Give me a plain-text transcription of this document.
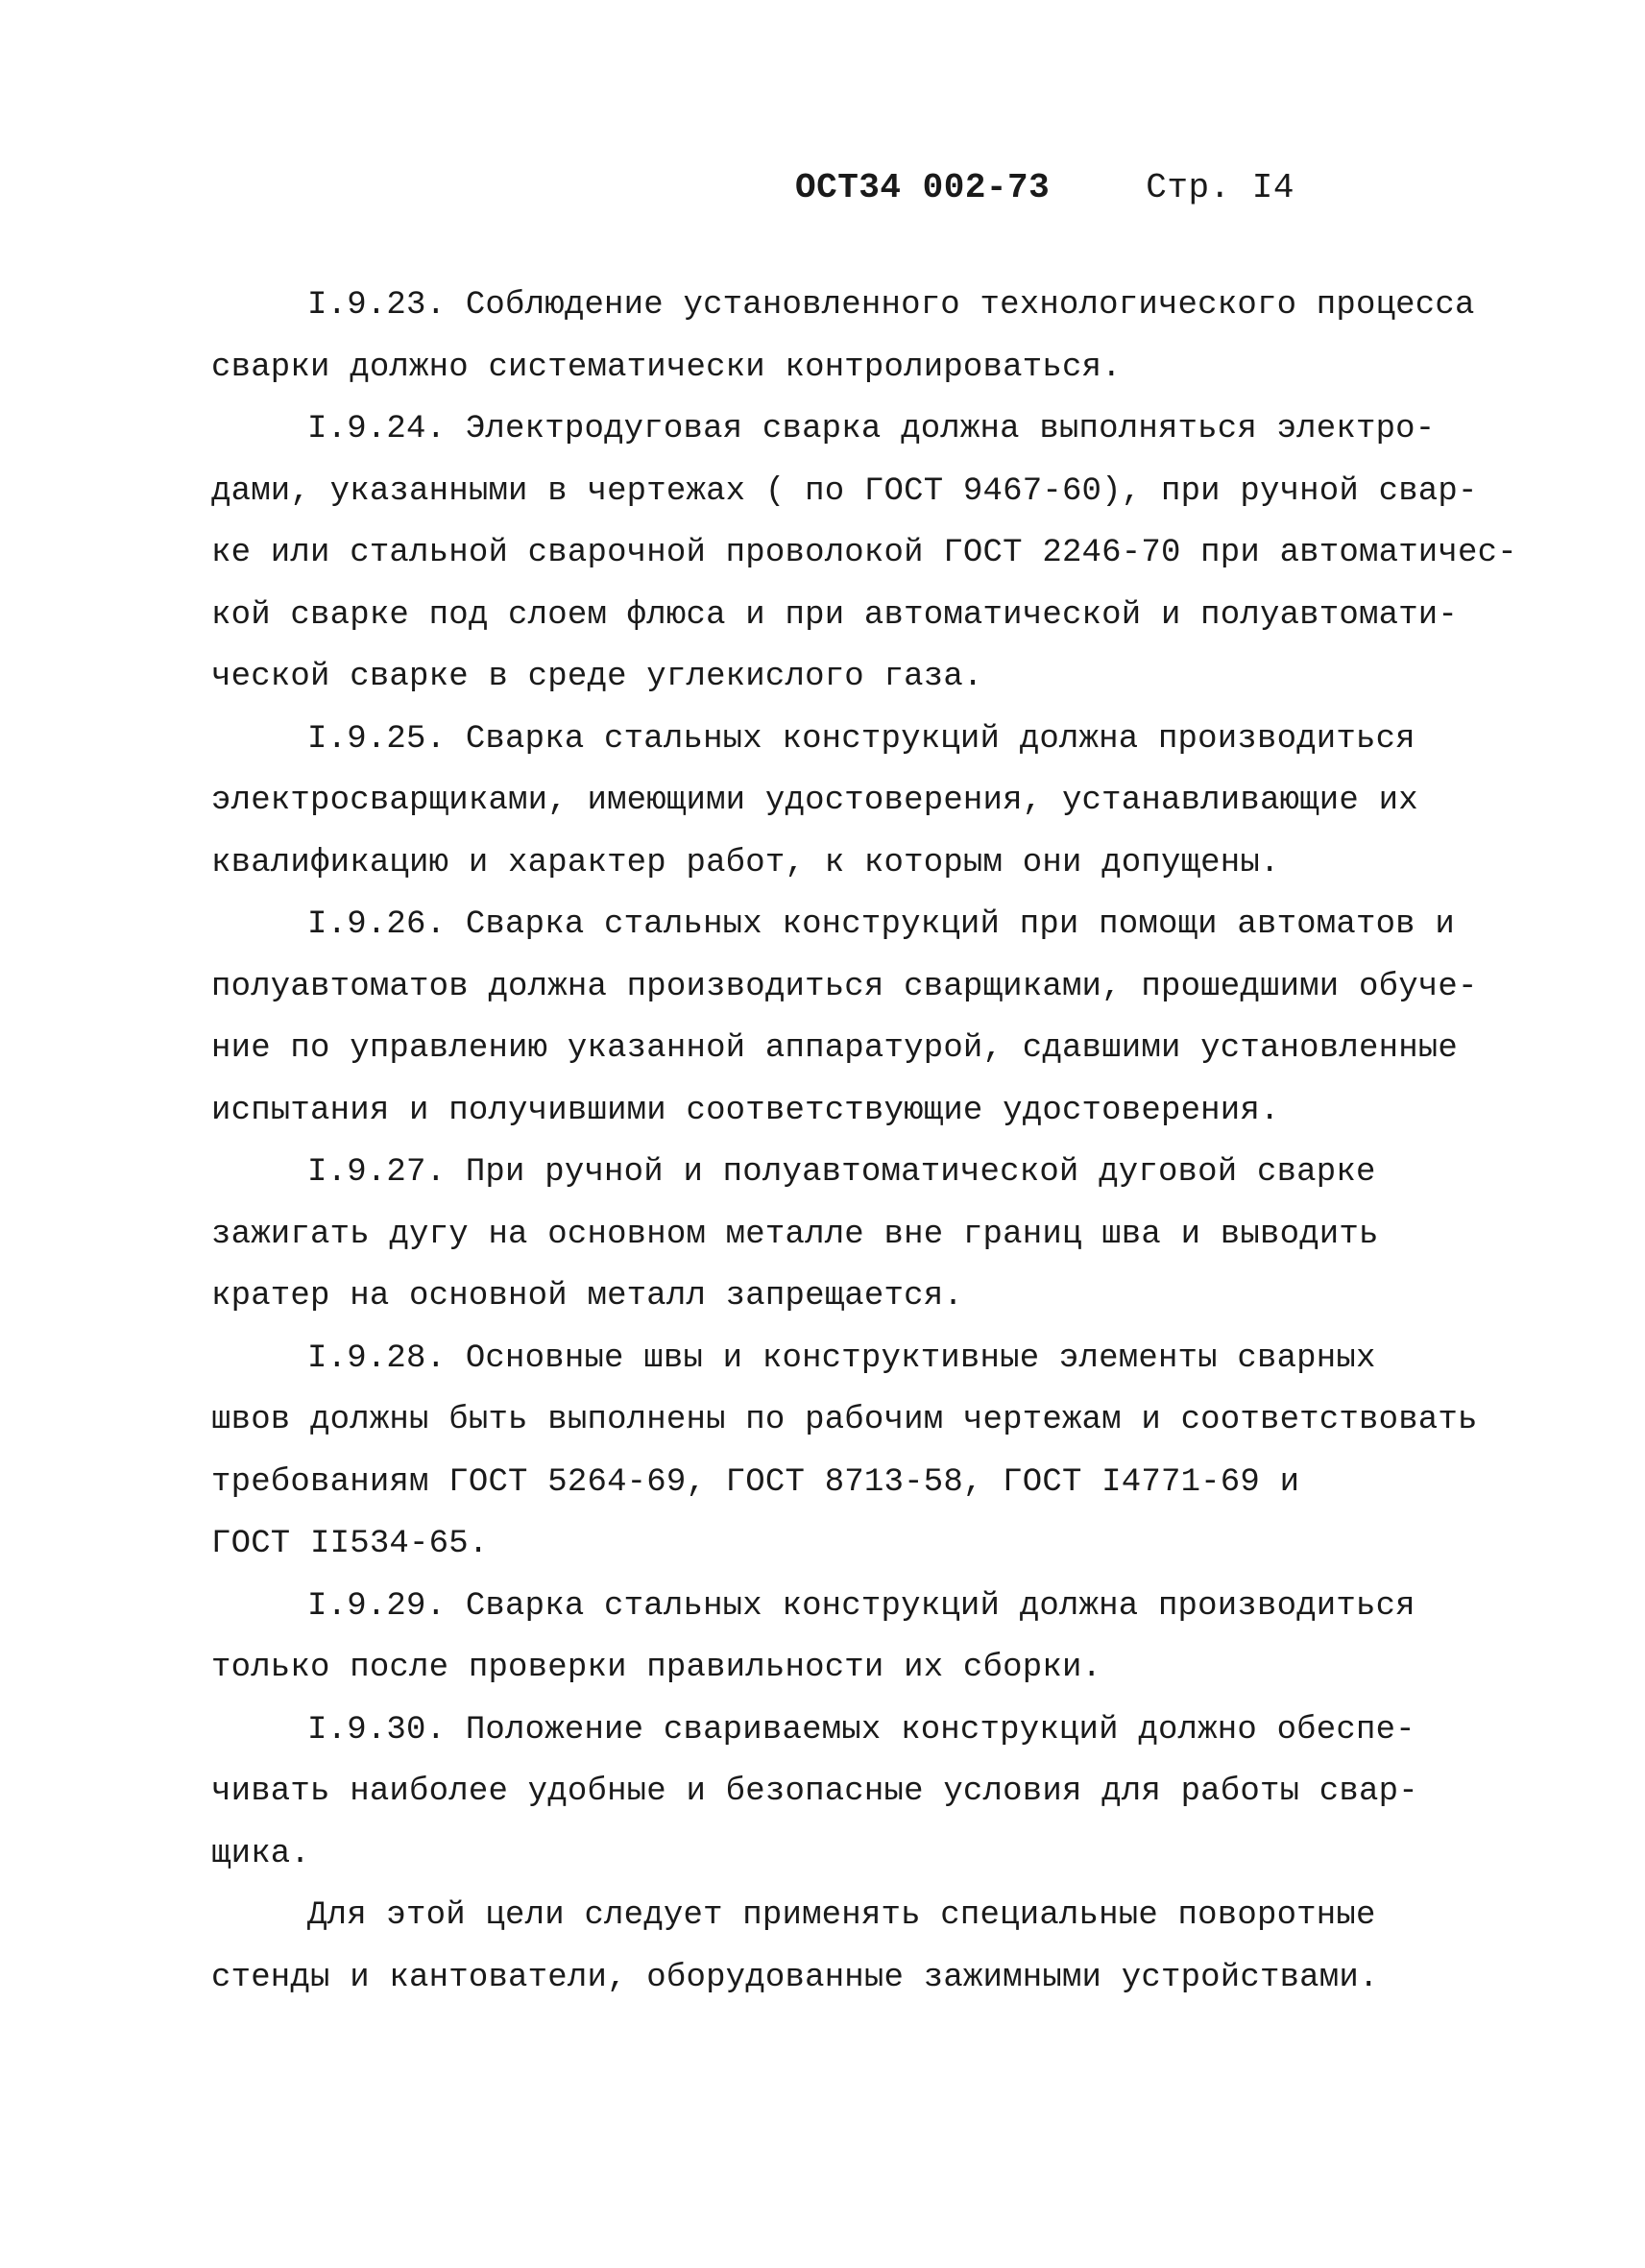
ОСТ34 002-73	Стр. I4
I.9.23. Соблюдение установленного технологического процесса
сварки должно систематически контролироваться.
I.9.24. Электродуговая сварка должна выполняться электро-
дами, указанными в чертежах ( по ГОСТ 9467-60), при ручной свар-
ке или стальной сварочной проволокой ГОСТ 2246-70 при автоматичес-
кой сварке под слоем флюса и при автоматической и полуавтомати-
ческой сварке в среде углекислого газа.
I.9.25. Сварка стальных конструкций должна производиться
электросварщиками, имеющими удостоверения, устанавливающие их
квалификацию и характер работ, к которым они допущены.
I.9.26. Сварка стальных конструкций при помощи автоматов и
полуавтоматов должна производиться сварщиками, прошедшими обуче-
ние по управлению указанной аппаратурой, сдавшими установленные
испытания и получившими соответствующие удостоверения.
I.9.27. При ручной и полуавтоматической дуговой сварке
зажигать дугу на основном металле вне границ шва и выводить
кратер на основной металл запрещается.
I.9.28. Основные швы и конструктивные элементы сварных
швов должны быть выполнены по рабочим чертежам и соответствовать
требованиям ГОСТ 5264-69, ГОСТ 8713-58, ГОСТ I4771-69 и
ГОСТ II534-65.
I.9.29. Сварка стальных конструкций должна производиться
только после проверки правильности их сборки.
I.9.30. Положение свариваемых конструкций должно обеспе-
чивать наиболее удобные и безопасные условия для работы свар-
щика.
Для этой цели следует применять специальные поворотные
стенды и кантователи, оборудованные зажимными устройствами.
